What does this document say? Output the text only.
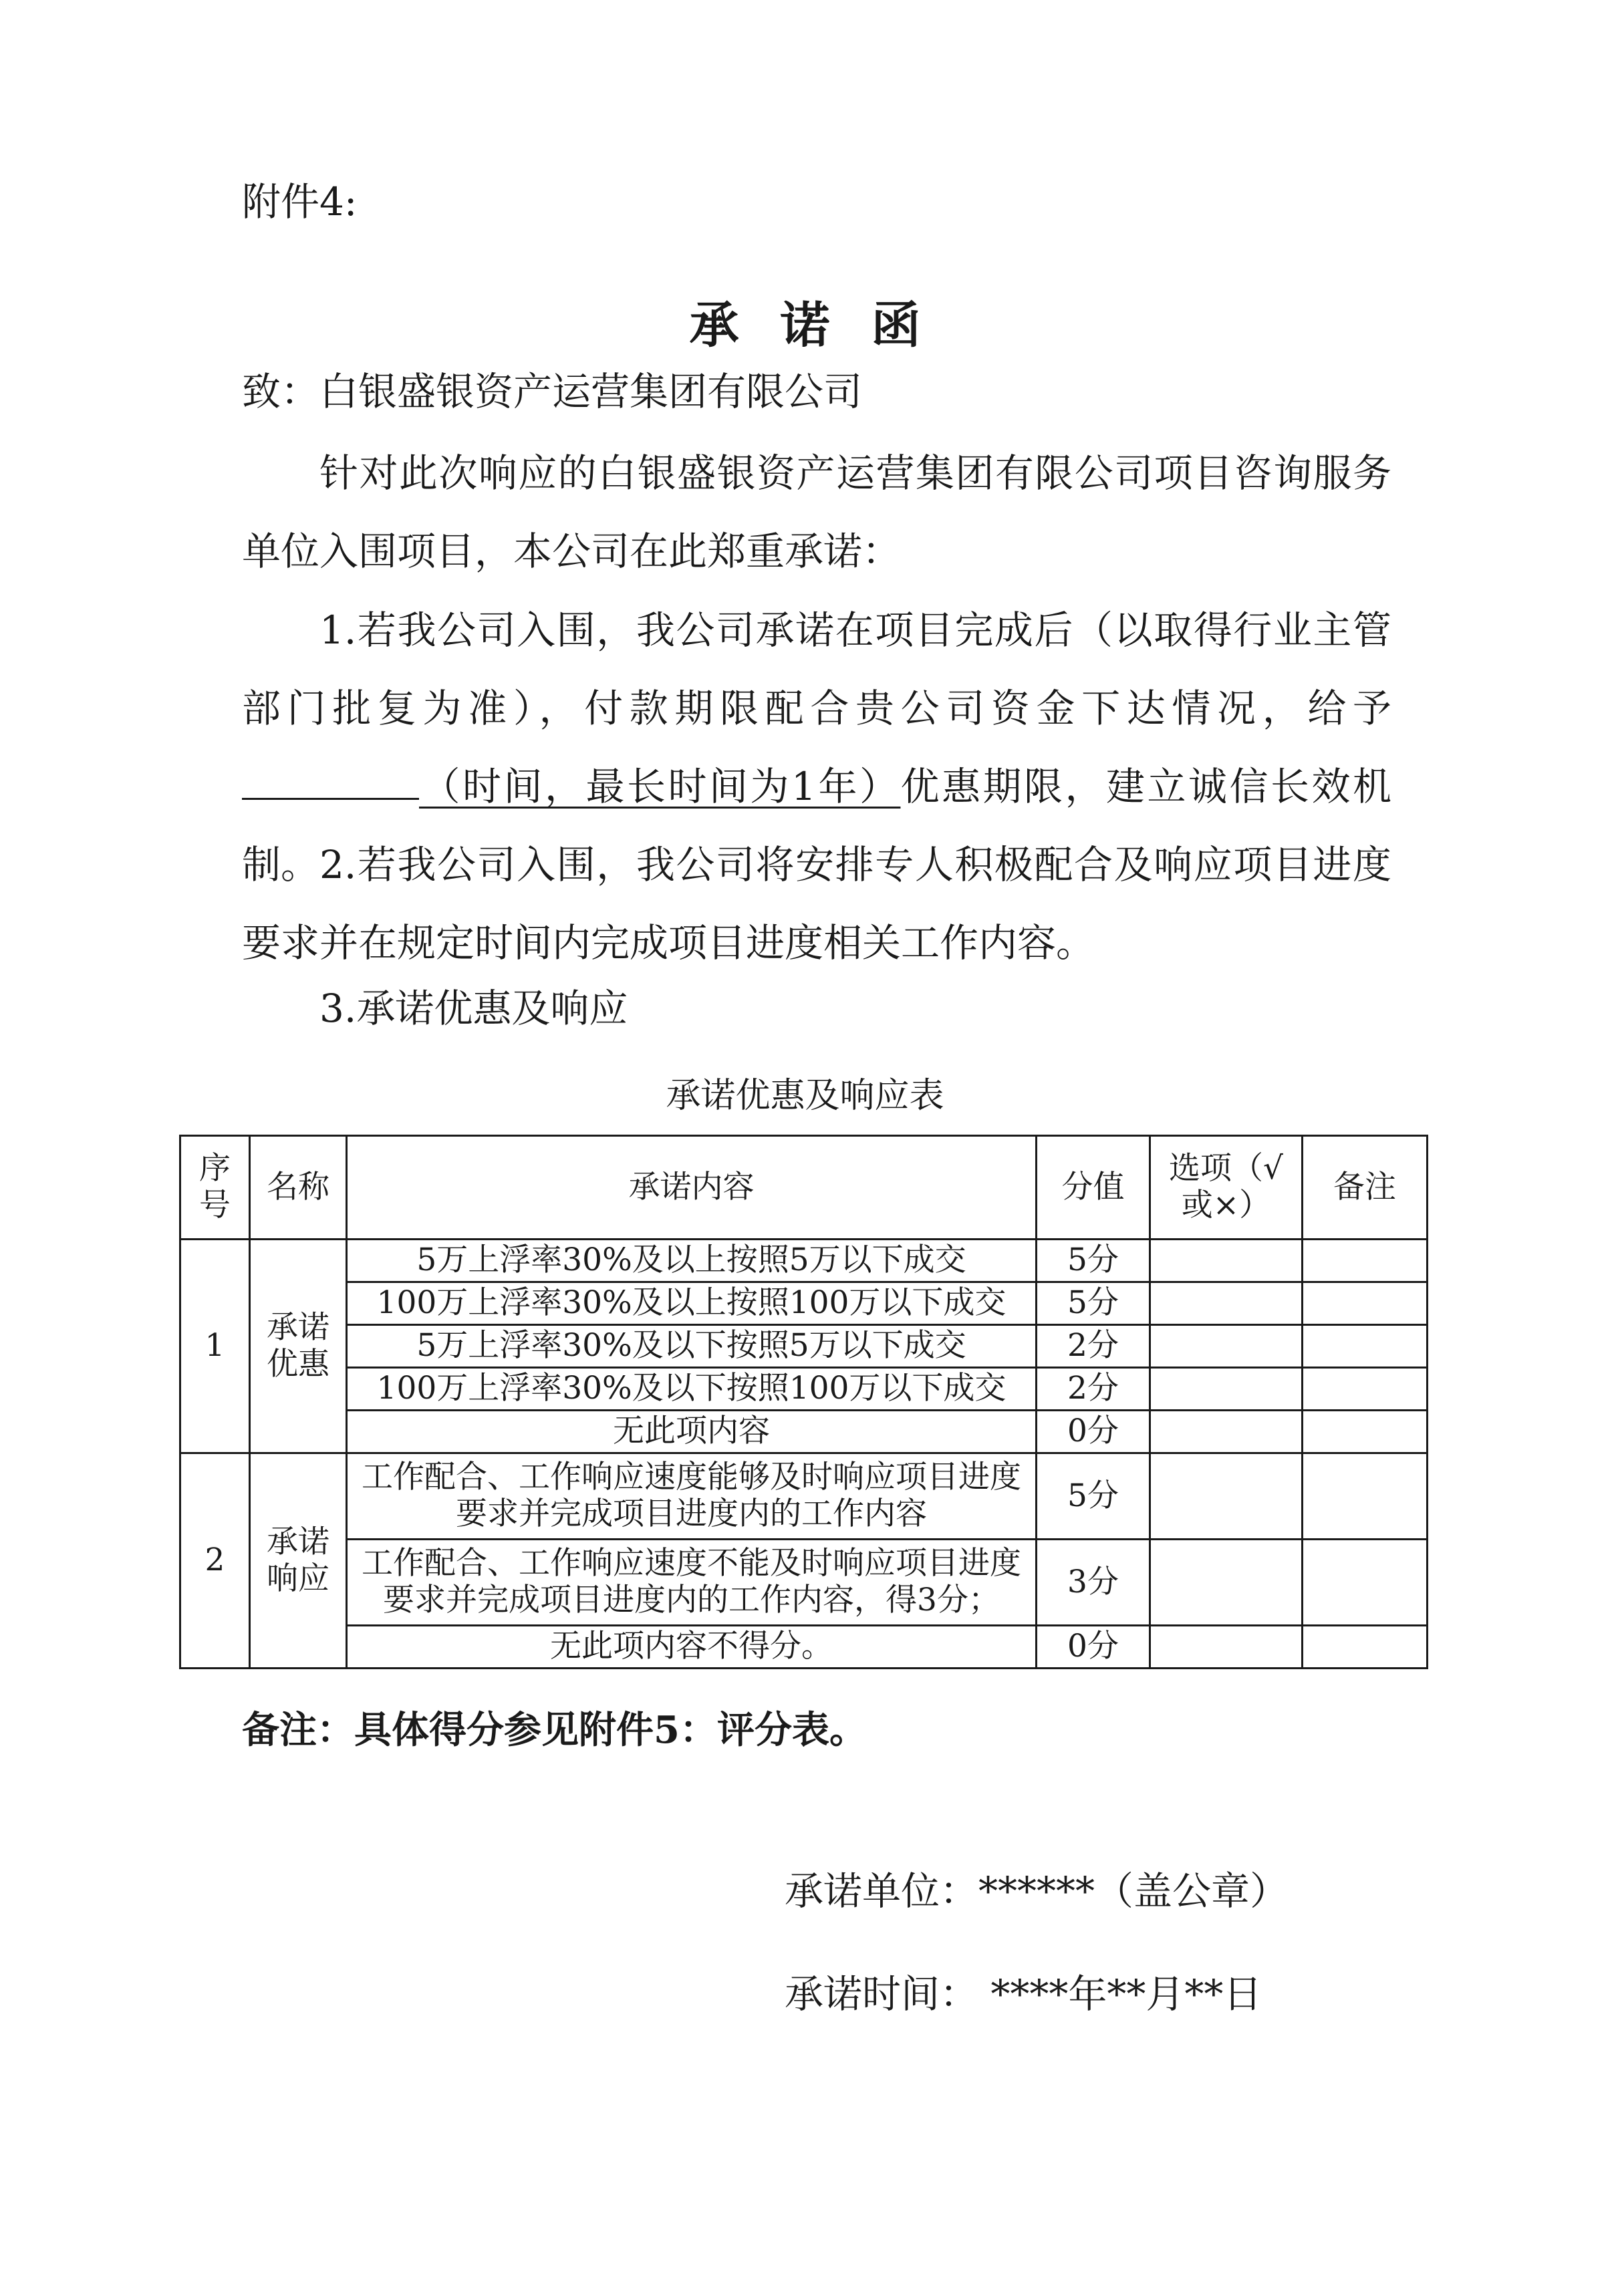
附件4:
承诺函
致：白银盛银资产运营集团有限公司
针对此次响应的白银盛银资产运营集团有限公司项目咨询服务单位入围项目，本公司在此郑重承诺：
1.若我公司入围，我公司承诺在项目完成后（以取得行业主管部门批复为准），付款期限配合贵公司资金下达情况，给予（时间，最长时间为1年）优惠期限，建立诚信长效机制。 2.若我公司入围，我公司将安排专人积极配合及响应项目进度要求并在规定时间内完成项目进度相关工作内容。
3.承诺优惠及响应
承诺优惠及响应表
序号	名称	承诺内容	分值	选项（√或×）	备注
1	承诺优惠	5万上浮率30%及以上按照5万以下成交	5分		
		100万上浮率30%及以上按照100万以下成交	5分		
		5万上浮率30%及以下按照5万以下成交	2分		
		100万上浮率30%及以下按照100万以下成交	2分		
		无此项内容	0分		
2	承诺响应	工作配合、工作响应速度能够及时响应项目进度要求并完成项目进度内的工作内容	5分		
		工作配合、工作响应速度不能及时响应项目进度要求并完成项目进度内的工作内容，得3分；	3分		
		无此项内容不得分。	0分		
备注：具体得分参见附件5：评分表。
承诺单位：******（盖公章）
承诺时间： ****年**月**日
